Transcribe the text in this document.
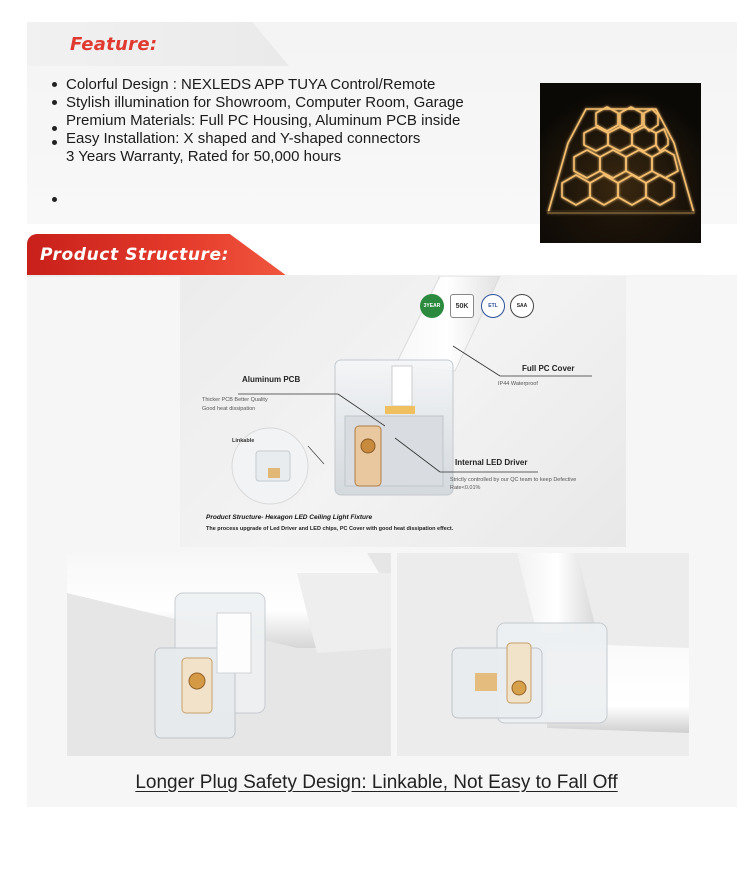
Feature:
Colorful Design : NEXLEDS APP TUYA Control/Remote
Stylish illumination for Showroom, Computer Room, Garage
Premium Materials: Full PC Housing, Aluminum PCB inside
Easy Installation: X shaped and Y-shaped connectors
3 Years Warranty, Rated for 50,000 hours
Product Structure:
3YEAR 50K	ETL	SAA
Aluminum PCB
Thicker PCB Better Quality
Good heat dissipation
Linkable
Full PC Cover
IP44 Waterproof
Internal LED Driver
Strictly controlled by our QC team to keep Defective Rate<0.01%
Product Structure- Hexagon LED Ceiling Light Fixture
The process upgrade of Led Driver and LED chips, PC Cover with good heat dissipation effect.
Longer Plug Safety Design: Linkable, Not Easy to Fall Off
